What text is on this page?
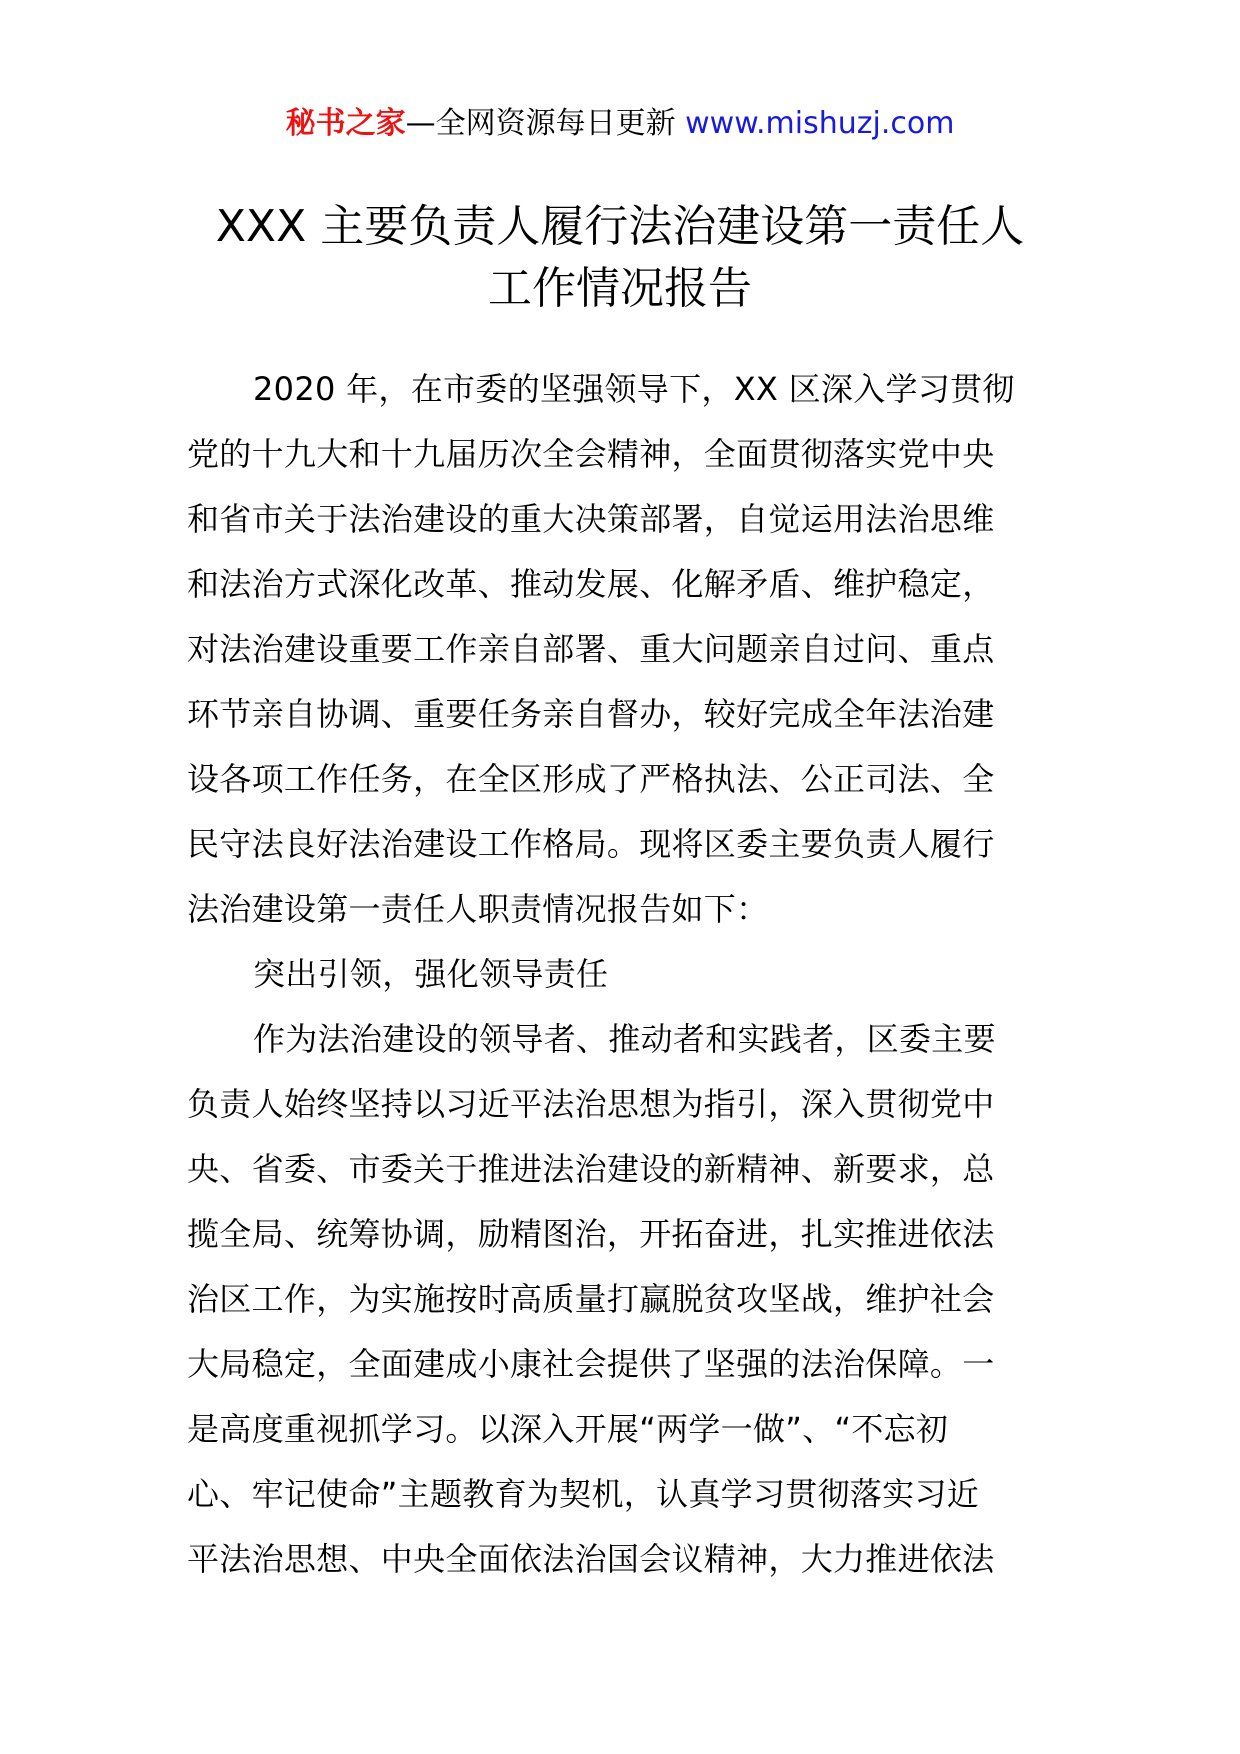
秘书之家—全网资源每日更新 www.mishuzj.com
XXX 主要负责人履行法治建设第一责任人
工作情况报告
2020 年，在市委的坚强领导下，XX 区深入学习贯彻
党的十九大和十九届历次全会精神，全面贯彻落实党中央
和省市关于法治建设的重大决策部署，自觉运用法治思维
和法治方式深化改革、推动发展、化解矛盾、维护稳定，
对法治建设重要工作亲自部署、重大问题亲自过问、重点
环节亲自协调、重要任务亲自督办，较好完成全年法治建
设各项工作任务，在全区形成了严格执法、公正司法、全
民守法良好法治建设工作格局。现将区委主要负责人履行
法治建设第一责任人职责情况报告如下：
突出引领，强化领导责任
作为法治建设的领导者、推动者和实践者，区委主要
负责人始终坚持以习近平法治思想为指引，深入贯彻党中
央、省委、市委关于推进法治建设的新精神、新要求，总
揽全局、统筹协调，励精图治，开拓奋进，扎实推进依法
治区工作，为实施按时高质量打赢脱贫攻坚战，维护社会
大局稳定，全面建成小康社会提供了坚强的法治保障。一
是高度重视抓学习。以深入开展“两学一做”、“不忘初
心、牢记使命”主题教育为契机，认真学习贯彻落实习近
平法治思想、中央全面依法治国会议精神，大力推进依法
